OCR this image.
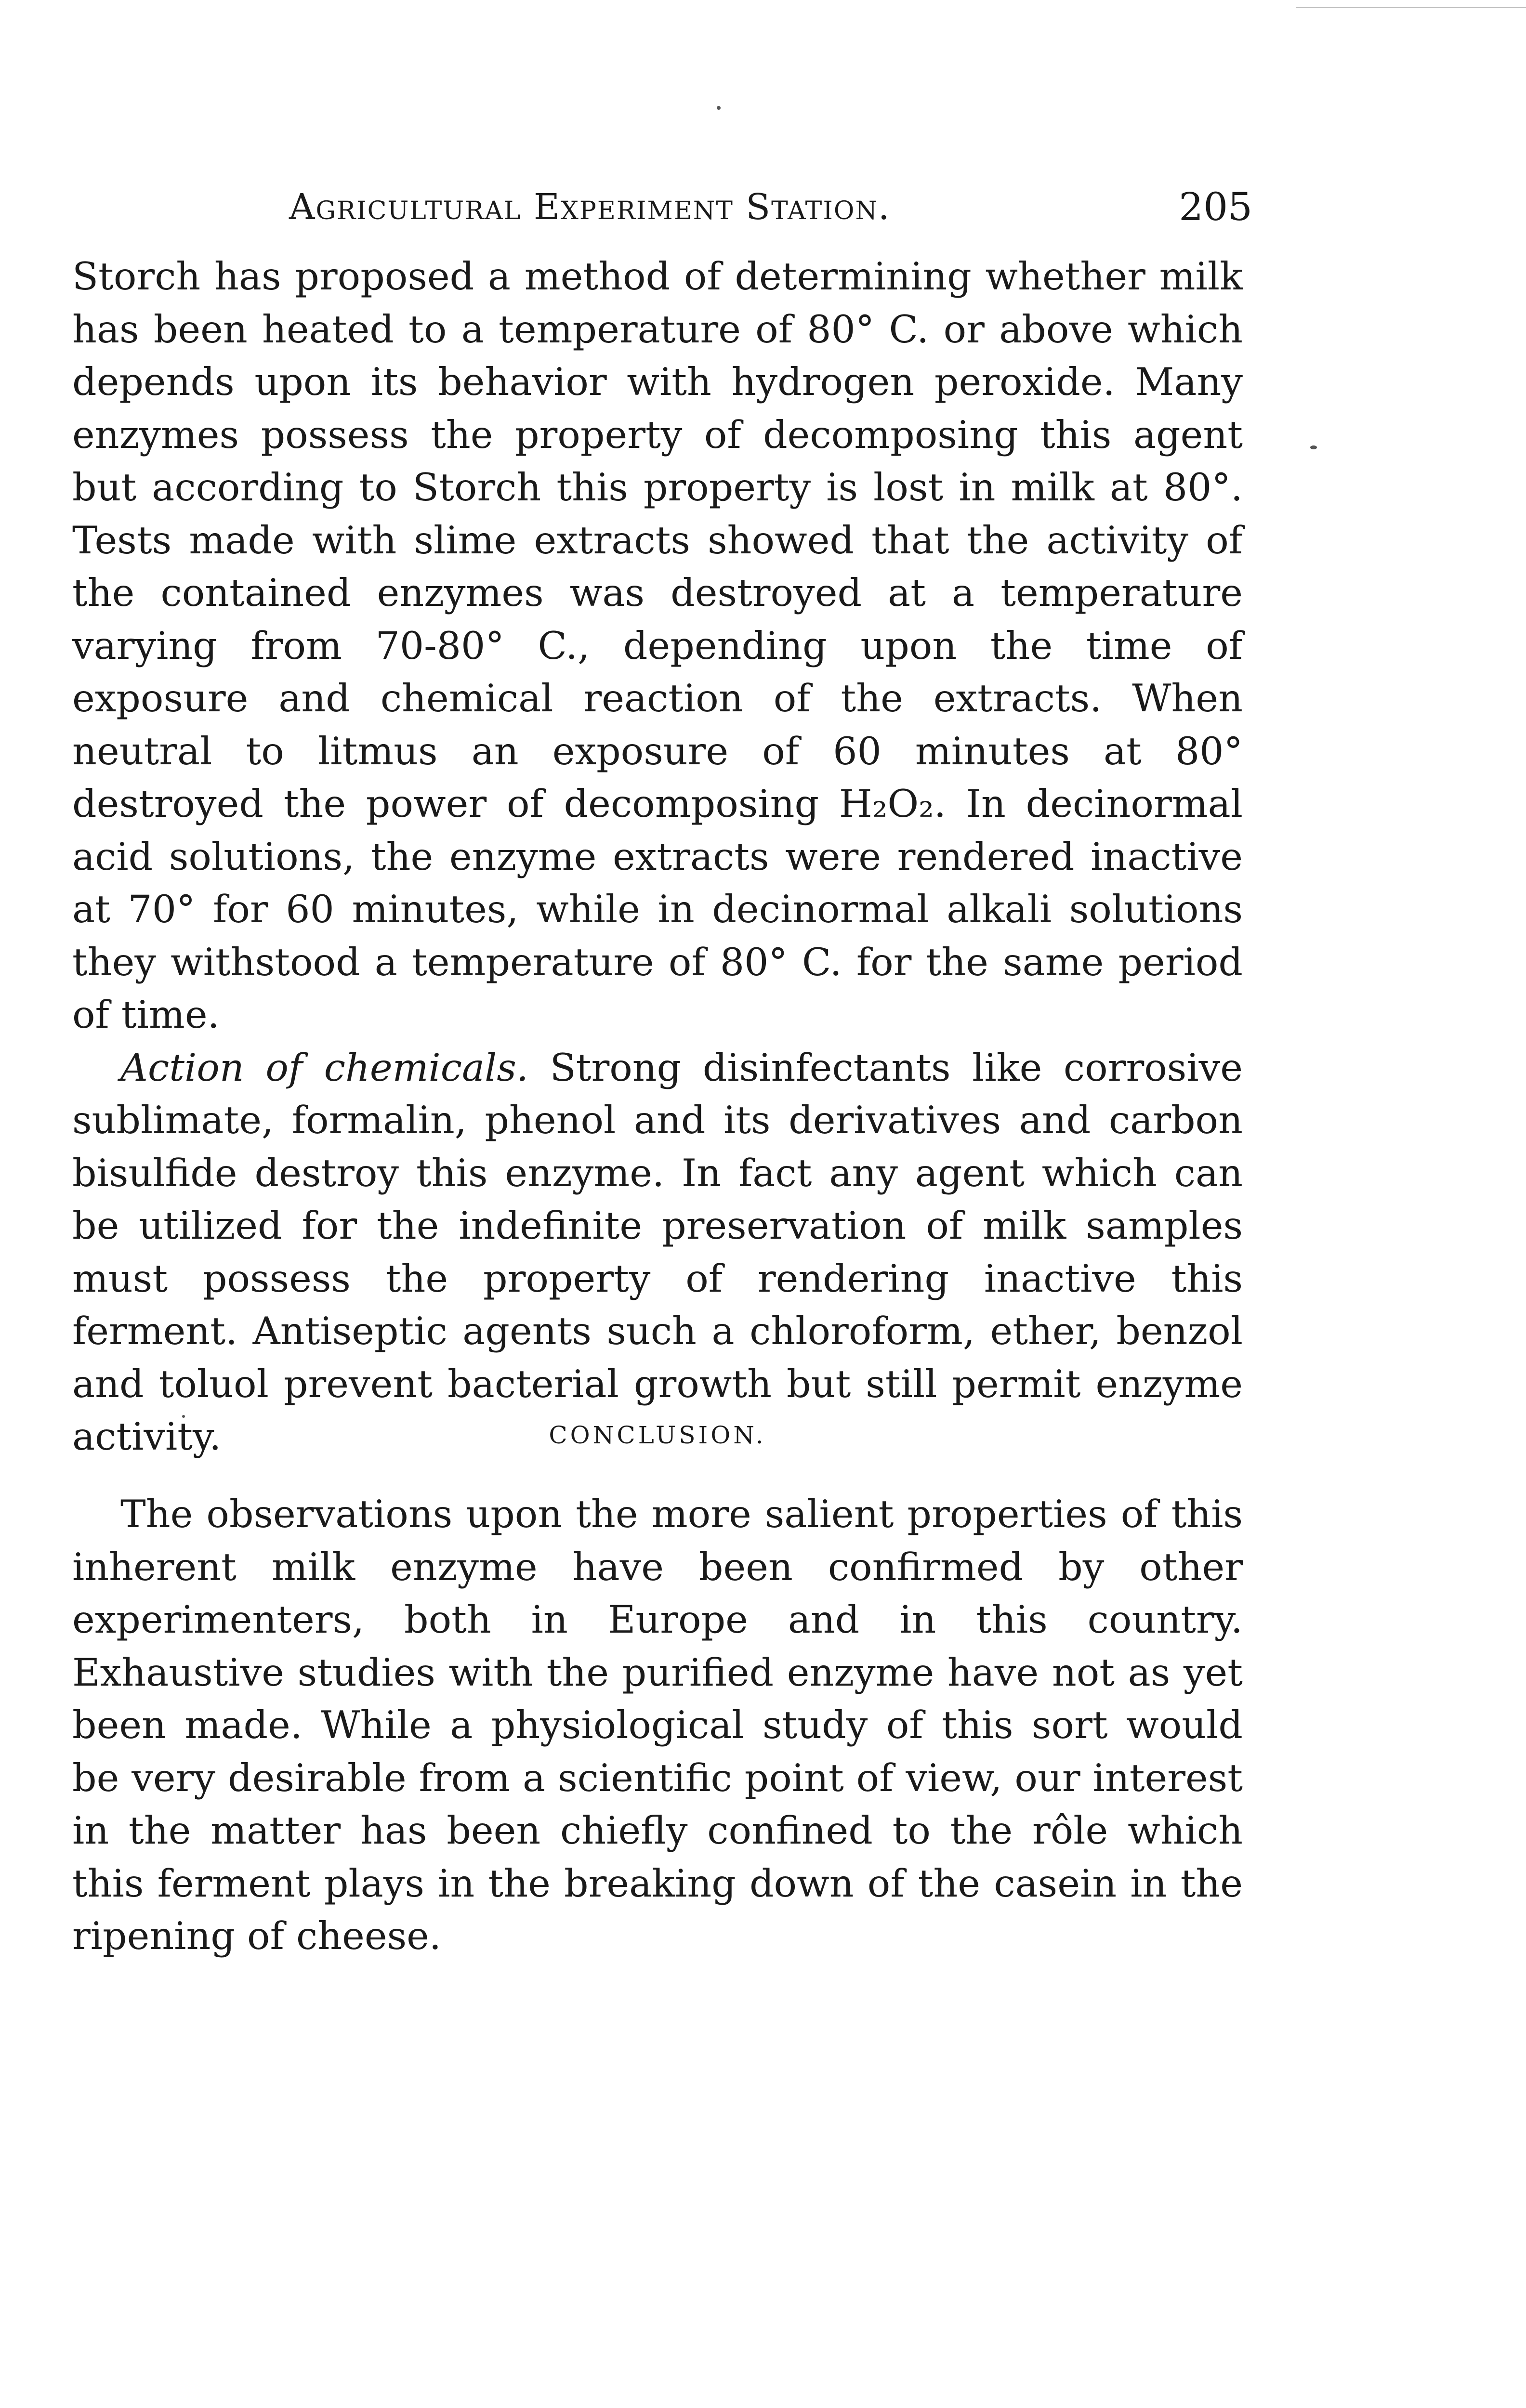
Agricultural Experiment Station.	205

Storch has proposed a method of determining whether milk has been heated to a temperature of 80° C. or above which depends upon its behavior with hydrogen peroxide. Many enzymes possess the property of decomposing this agent but according to Storch this property is lost in milk at 80°. Tests made with slime extracts showed that the activity of the contained enzymes was destroyed at a temperature varying from 70-80° C., depending upon the time of exposure and chemical reaction of the extracts. When neutral to litmus an exposure of 60 minutes at 80° destroyed the power of decomposing H₂O₂. In decinormal acid solutions, the enzyme extracts were rendered inactive at 70° for 60 minutes, while in decinormal alkali solutions they withstood a temperature of 80° C. for the same period of time.

Action of chemicals. Strong disinfectants like corrosive sublimate, formalin, phenol and its derivatives and carbon bisulfide destroy this enzyme. In fact any agent which can be utilized for the indefinite preservation of milk samples must possess the property of rendering inactive this ferment. Antiseptic agents such a chloroform, ether, benzol and toluol prevent bacterial growth but still permit enzyme activity.	CONCLUSION.

The observations upon the more salient properties of this inherent milk enzyme have been confirmed by other experimenters, both in Europe and in this country. Exhaustive studies with the purified enzyme have not as yet been made. While a physiological study of this sort would be very desirable from a scientific point of view, our interest in the matter has been chiefly confined to the rôle which this ferment plays in the breaking down of the casein in the ripening of cheese.
